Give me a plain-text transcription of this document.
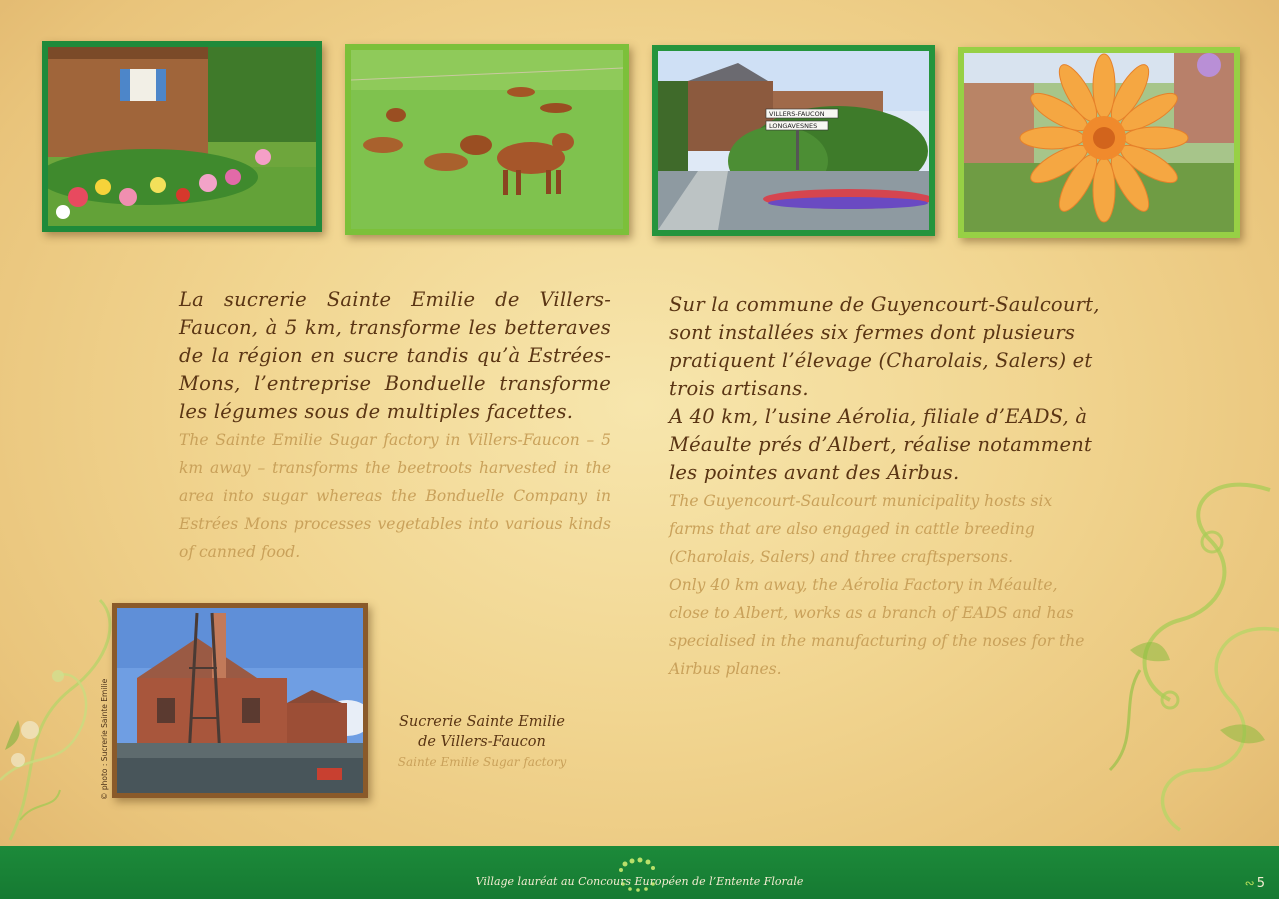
VILLERS-FAUCON
LONGAVESNES
La sucrerie Sainte Emilie de Villers-Faucon, à 5 km, transforme les betteraves de la région en sucre tandis qu’à Estrées-Mons, l’entreprise Bonduelle transforme les légumes sous de multiples facettes.
The Sainte Emilie Sugar factory in Villers-Faucon – 5 km away – transforms the beetroots harvested in the area into sugar whereas the Bonduelle Company in Estrées Mons processes vegetables into various kinds of canned food.
Sur la commune de Guyencourt-Saulcourt, sont installées six fermes dont plusieurs pratiquent l’élevage (Charolais, Salers) et trois artisans.
A 40 km, l’usine Aérolia, filiale d’EADS, à Méaulte prés d’Albert, réalise notamment les pointes avant des Airbus.
The Guyencourt-Saulcourt municipality hosts six farms that are also engaged in cattle breeding (Charolais, Salers) and three craftspersons.
Only 40 km away, the Aérolia Factory in Méaulte, close to Albert, works as a branch of EADS and has specialised in the manufacturing of the noses for the Airbus planes.
© photo : Sucrerie Sainte Emilie	Sucrerie Sainte Emilie
de Villers-Faucon
Sainte Emilie Sugar factory
Village lauréat au Concours Européen de l’Entente Florale	∾ 5
